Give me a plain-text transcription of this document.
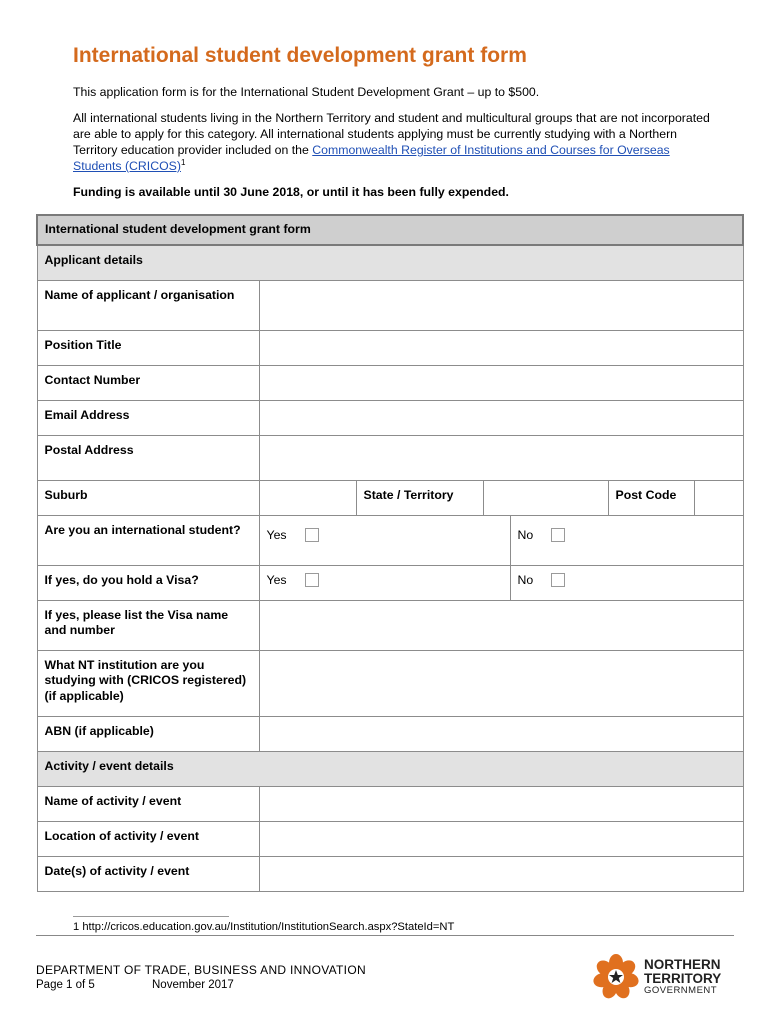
International student development grant form

This application form is for the International Student Development Grant – up to $500.

All international students living in the Northern Territory and student and multicultural groups that are not incorporated are able to apply for this category. All international students applying must be currently studying with a Northern Territory education provider included on the Commonwealth Register of Institutions and Courses for Overseas Students (CRICOS)$^1$

Funding is available until 30 June 2018, or until it has been fully expended.

International student development grant form						
Applicant details						
Name of applicant / organisation						
Position Title						
Contact Number						
Email Address						
Postal Address						
Suburb		State / Territory			Post Code	
Are you an international student?	Yes			No		

If yes, do you hold a Visa?	Yes			No		

If yes, please list the Visa name and number						
What NT institution are you studying with (CRICOS registered) (if applicable)						
ABN (if applicable)						
Activity / event details						
Name of activity / event						
Location of activity / event						
Date(s) of activity / event						
1 http://cricos.education.gov.au/Institution/InstitutionSearch.aspx?StateId=NT
DEPARTMENT OF TRADE, BUSINESS AND INNOVATION
Page 1 of 5	November 2017
NORTHERN
TERRITORY
GOVERNMENT
